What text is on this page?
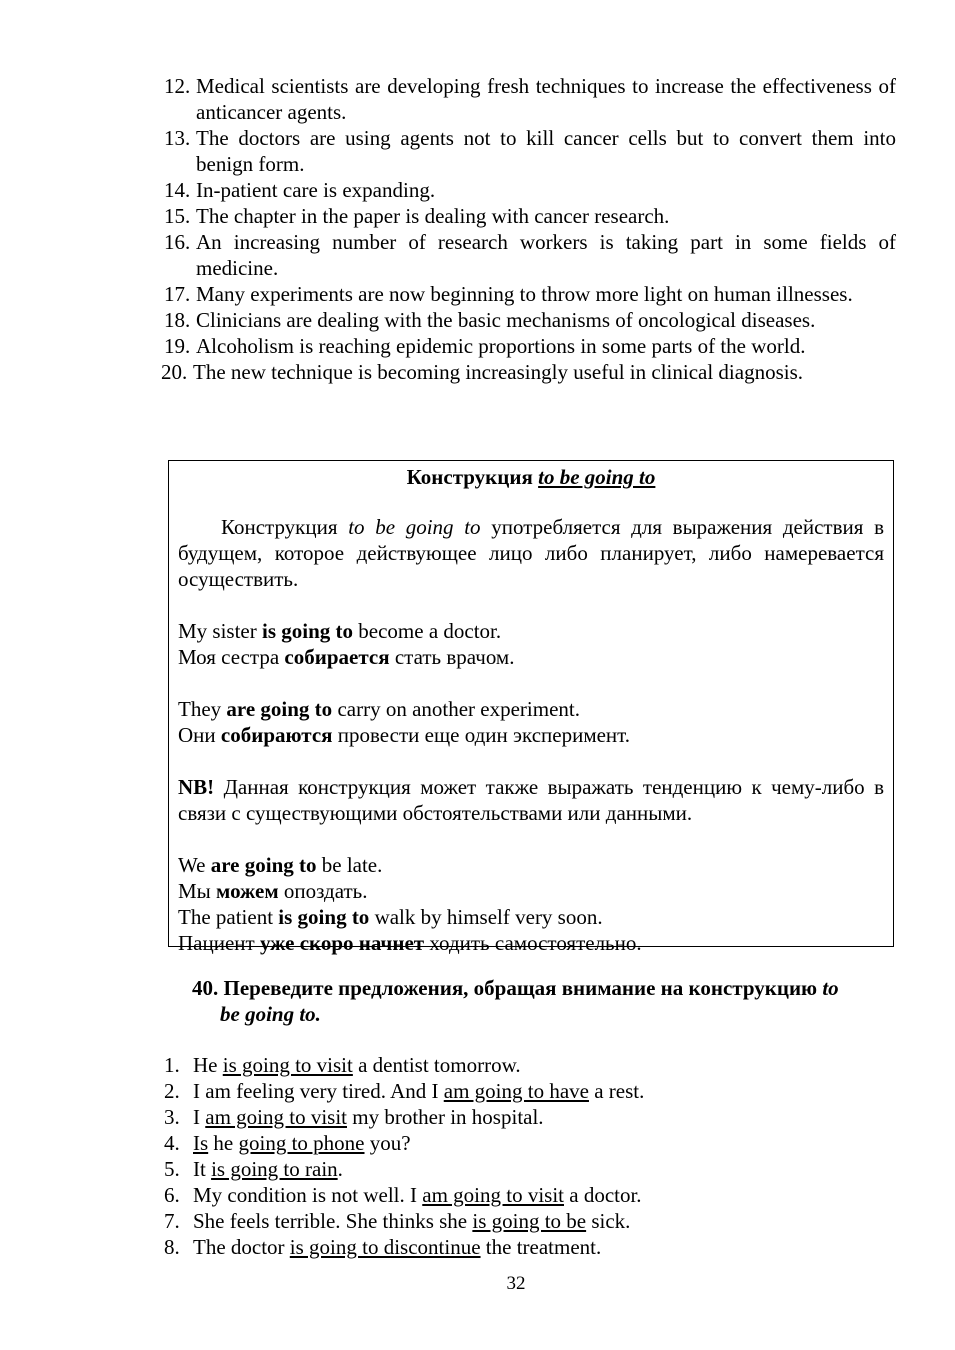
12. Medical scientists are developing fresh techniques to increase the effectiveness of anticancer agents.
13. The doctors are using agents not to kill cancer cells but to convert them into benign form.
14. In-patient care is expanding.
15. The chapter in the paper is dealing with cancer research.
16. An increasing number of research workers is taking part in some fields of medicine.
17. Many experiments are now beginning to throw more light on human illnesses.
18. Clinicians are dealing with the basic mechanisms of oncological diseases.
19. Alcoholism is reaching epidemic proportions in some parts of the world.
20. The new technique is becoming increasingly useful in clinical diagnosis.
Конструкция to be going to

Конструкция to be going to употребляется для выражения действия в будущем, которое действующее лицо либо планирует, либо намеревается осуществить.

My sister is going to become a doctor.

Моя сестра собирается стать врачом.

They are going to carry on another experiment.

Они собираются провести еще один эксперимент.

NB! Данная конструкция может также выражать тенденцию к чему-либо в связи с существующими обстоятельствами или данными.

We are going to be late.

Мы можем опоздать.

The patient is going to walk by himself very soon.

Пациент уже скоро начнет ходить самостоятельно.

40. Переведите предложения, обращая внимание на конструкцию to
be going to.
1. He is going to visit a dentist tomorrow.
2. I am feeling very tired. And I am going to have a rest.
3. I am going to visit my brother in hospital.
4. Is he going to phone you?
5. It is going to rain.
6. My condition is not well. I am going to visit a doctor.
7. She feels terrible. She thinks she is going to be sick.
8. The doctor is going to discontinue the treatment.
32
